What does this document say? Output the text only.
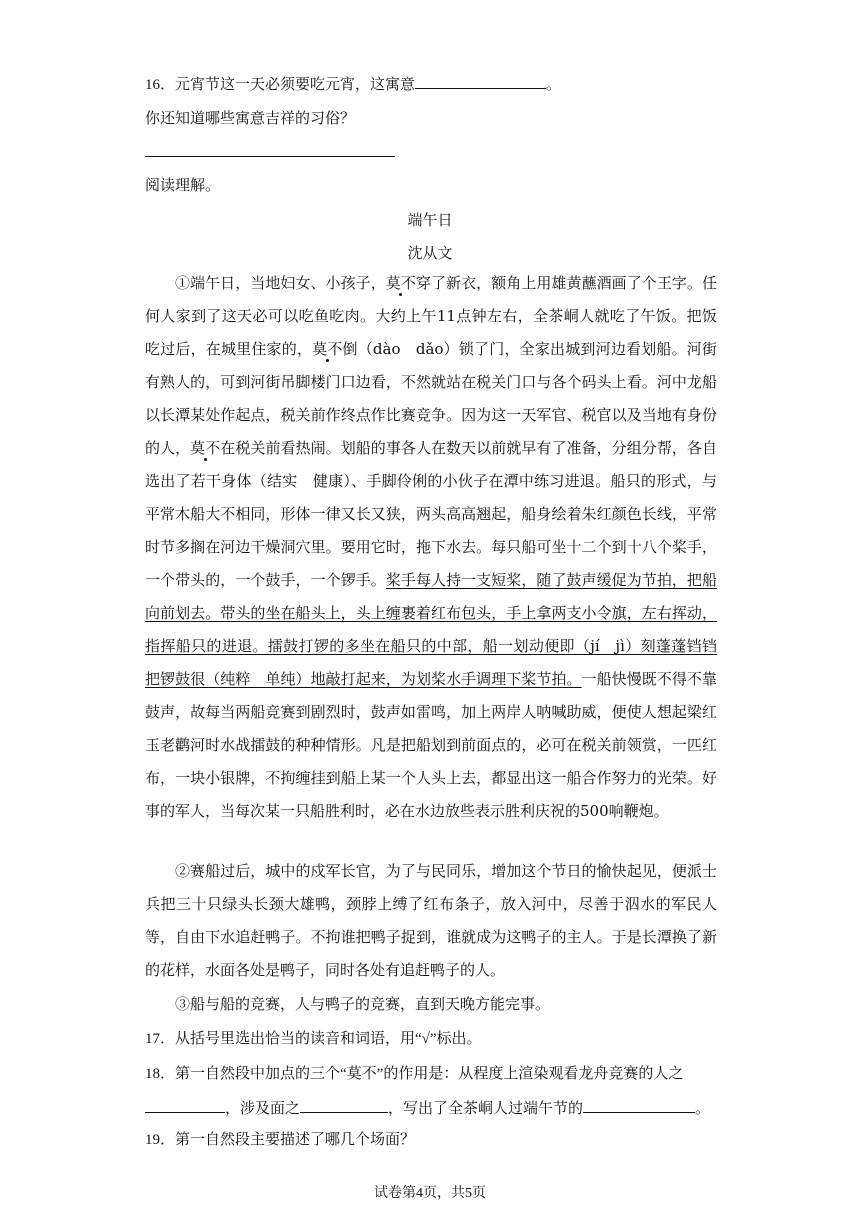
16．元宵节这一天必须要吃元宵，这寓意	。
你还知道哪些寓意吉祥的习俗？
阅读理解。
端午日
沈从文

①端午日，当地妇女、小孩子，莫不穿了新衣，额角上用雄黄蘸酒画了个王字。任何人家到了这天必可以吃鱼吃肉。大约上午11点钟左右，全茶峒人就吃了午饭。把饭吃过后，在城里住家的，莫不倒（dào　dǎo）锁了门，全家出城到河边看划船。河街有熟人的，可到河街吊脚楼门口边看，不然就站在税关门口与各个码头上看。河中龙船以长潭某处作起点，税关前作终点作比赛竞争。因为这一天军官、税官以及当地有身份的人，莫不在税关前看热闹。划船的事各人在数天以前就早有了准备，分组分帮，各自选出了若干身体（结实　健康）、手脚伶俐的小伙子在潭中练习进退。船只的形式，与平常木船大不相同，形体一律又长又狭，两头高高翘起，船身绘着朱红颜色长线，平常时节多搁在河边干燥洞穴里。要用它时，拖下水去。每只船可坐十二个到十八个桨手，一个带头的，一个鼓手，一个锣手。桨手每人持一支短桨，随了鼓声缓促为节拍，把船向前划去。带头的坐在船头上，头上缠裹着红布包头，手上拿两支小令旗，左右挥动，指挥船只的进退。擂鼓打锣的多坐在船只的中部，船一划动便即（jí　jì）刻蓬蓬铛铛把锣鼓很（纯粹　单纯）地敲打起来，为划桨水手调理下桨节拍。一船快慢既不得不靠鼓声，故每当两船竞赛到剧烈时，鼓声如雷鸣，加上两岸人呐喊助威，便使人想起梁红玉老鹳河时水战擂鼓的种种情形。凡是把船划到前面点的，必可在税关前领赏，一匹红布，一块小银牌，不拘缠挂到船上某一个人头上去，都显出这一船合作努力的光荣。好事的军人，当每次某一只船胜利时，必在水边放些表示胜利庆祝的500响鞭炮。

②赛船过后，城中的戍军长官，为了与民同乐，增加这个节日的愉快起见，便派士兵把三十只绿头长颈大雄鸭，颈脖上缚了红布条子，放入河中，尽善于泅水的军民人等，自由下水追赶鸭子。不拘谁把鸭子捉到，谁就成为这鸭子的主人。于是长潭换了新的花样，水面各处是鸭子，同时各处有追赶鸭子的人。

③船与船的竞赛，人与鸭子的竞赛，直到天晚方能完事。

17．从括号里选出恰当的读音和词语，用“√”标出。
18．第一自然段中加点的三个“莫不”的作用是：从程度上渲染观看龙舟竞赛的人之
，涉及面之	，写出了全茶峒人过端午节的	。
19．第一自然段主要描述了哪几个场面？
试卷第4页，共5页
